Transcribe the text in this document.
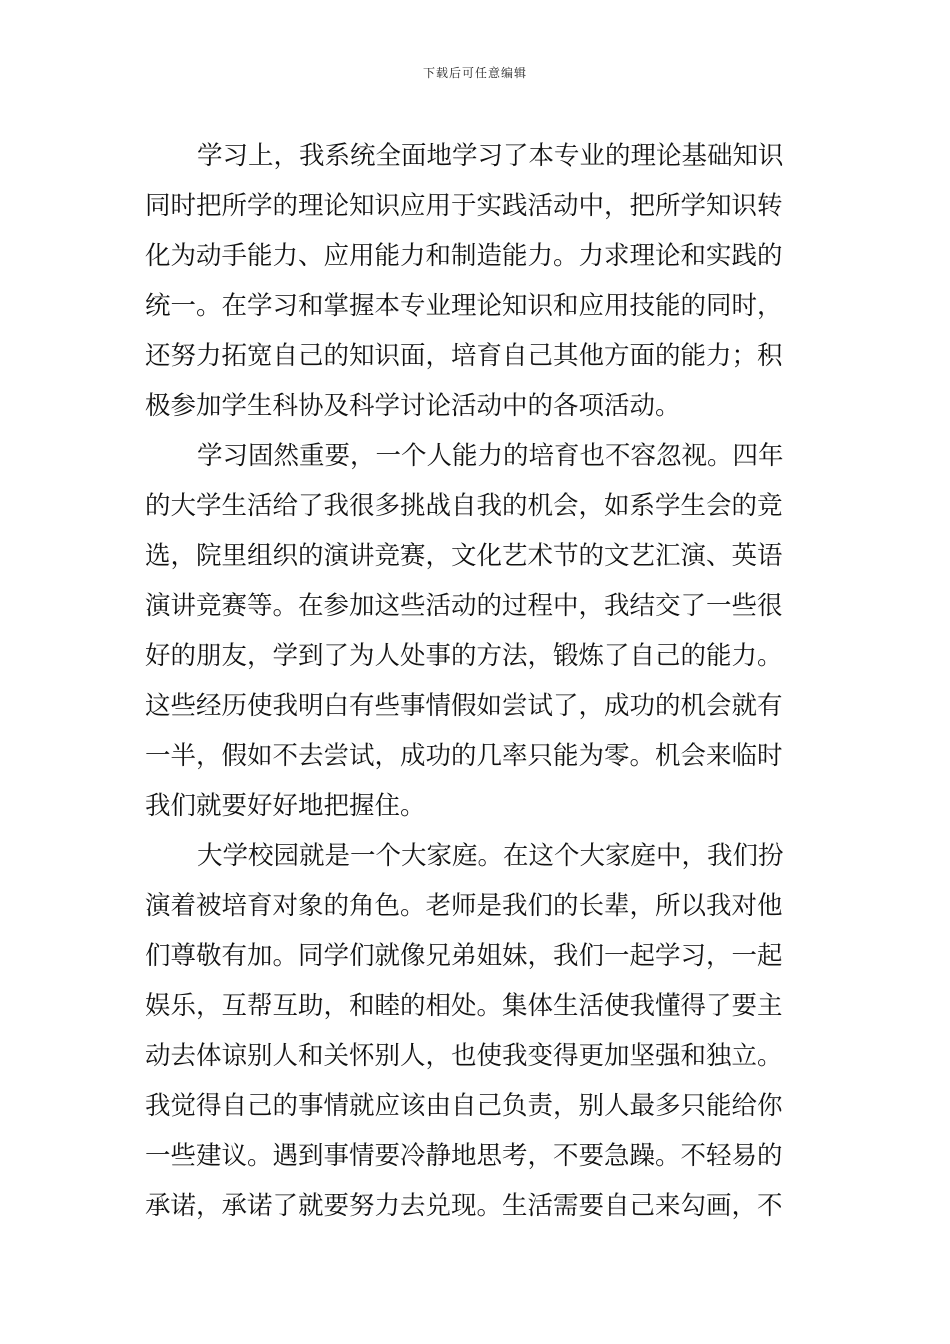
下载后可任意编辑
学习上，我系统全面地学习了本专业的理论基础知识
同时把所学的理论知识应用于实践活动中，把所学知识转
化为动手能力、应用能力和制造能力。力求理论和实践的
统一。在学习和掌握本专业理论知识和应用技能的同时，
还努力拓宽自己的知识面，培育自己其他方面的能力；积
极参加学生科协及科学讨论活动中的各项活动。
学习固然重要，一个人能力的培育也不容忽视。四年
的大学生活给了我很多挑战自我的机会，如系学生会的竞
选，院里组织的演讲竞赛，文化艺术节的文艺汇演、英语
演讲竞赛等。在参加这些活动的过程中，我结交了一些很
好的朋友，学到了为人处事的方法，锻炼了自己的能力。
这些经历使我明白有些事情假如尝试了，成功的机会就有
一半，假如不去尝试，成功的几率只能为零。机会来临时
我们就要好好地把握住。
大学校园就是一个大家庭。在这个大家庭中，我们扮
演着被培育对象的角色。老师是我们的长辈，所以我对他
们尊敬有加。同学们就像兄弟姐妹，我们一起学习，一起
娱乐，互帮互助，和睦的相处。集体生活使我懂得了要主
动去体谅别人和关怀别人，也使我变得更加坚强和独立。
我觉得自己的事情就应该由自己负责，别人最多只能给你
一些建议。遇到事情要冷静地思考，不要急躁。不轻易的
承诺，承诺了就要努力去兑现。生活需要自己来勾画，不
